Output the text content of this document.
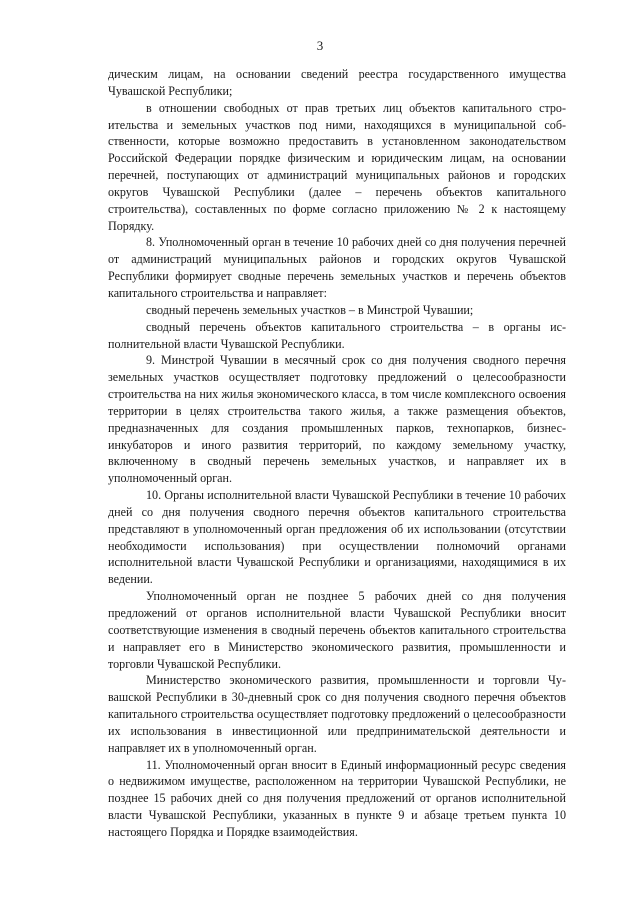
3

дическим лицам, на основании сведений реестра государственного имущества Чувашской Республики;

в отношении свободных от прав третьих лиц объектов капитального строительства и земельных участков под ними, находящихся в муниципальной собственности, которые возможно предоставить в установленном законодательством Российской Федерации порядке физическим и юридическим лицам, на основании перечней, поступающих от администраций муниципальных районов и городских округов Чувашской Республики (далее – перечень объектов капитального строительства), составленных по форме согласно приложению № 2 к настоящему Порядку.

8. Уполномоченный орган в течение 10 рабочих дней со дня получения перечней от администраций муниципальных районов и городских округов Чувашской Республики формирует сводные перечень земельных участков и перечень объектов капитального строительства и направляет:

сводный перечень земельных участков – в Минстрой Чувашии;

сводный перечень объектов капитального строительства – в органы исполнительной власти Чувашской Республики.

9. Минстрой Чувашии в месячный срок со дня получения сводного перечня земельных участков осуществляет подготовку предложений о целесообразности строительства на них жилья экономического класса, в том числе комплексного освоения территории в целях строительства такого жилья, а также размещения объектов, предназначенных для создания промышленных парков, технопарков, бизнес-инкубаторов и иного развития территорий, по каждому земельному участку, включенному в сводный перечень земельных участков, и направляет их в уполномоченный орган.

10. Органы исполнительной власти Чувашской Республики в течение 10 рабочих дней со дня получения сводного перечня объектов капитального строительства представляют в уполномоченный орган предложения об их использовании (отсутствии необходимости использования) при осуществлении полномочий органами исполнительной власти Чувашской Республики и организациями, находящимися в их ведении.

Уполномоченный орган не позднее 5 рабочих дней со дня получения предложений от органов исполнительной власти Чувашской Республики вносит соответствующие изменения в сводный перечень объектов капитального строительства и направляет его в Министерство экономического развития, промышленности и торговли Чувашской Республики.

Министерство экономического развития, промышленности и торговли Чувашской Республики в 30-дневный срок со дня получения сводного перечня объектов капитального строительства осуществляет подготовку предложений о целесообразности их использования в инвестиционной или предпринимательской деятельности и направляет их в уполномоченный орган.

11. Уполномоченный орган вносит в Единый информационный ресурс сведения о недвижимом имуществе, расположенном на территории Чувашской Республики, не позднее 15 рабочих дней со дня получения предложений от органов исполнительной власти Чувашской Республики, указанных в пункте 9 и абзаце третьем пункта 10 настоящего Порядка и Порядке взаимодействия.
